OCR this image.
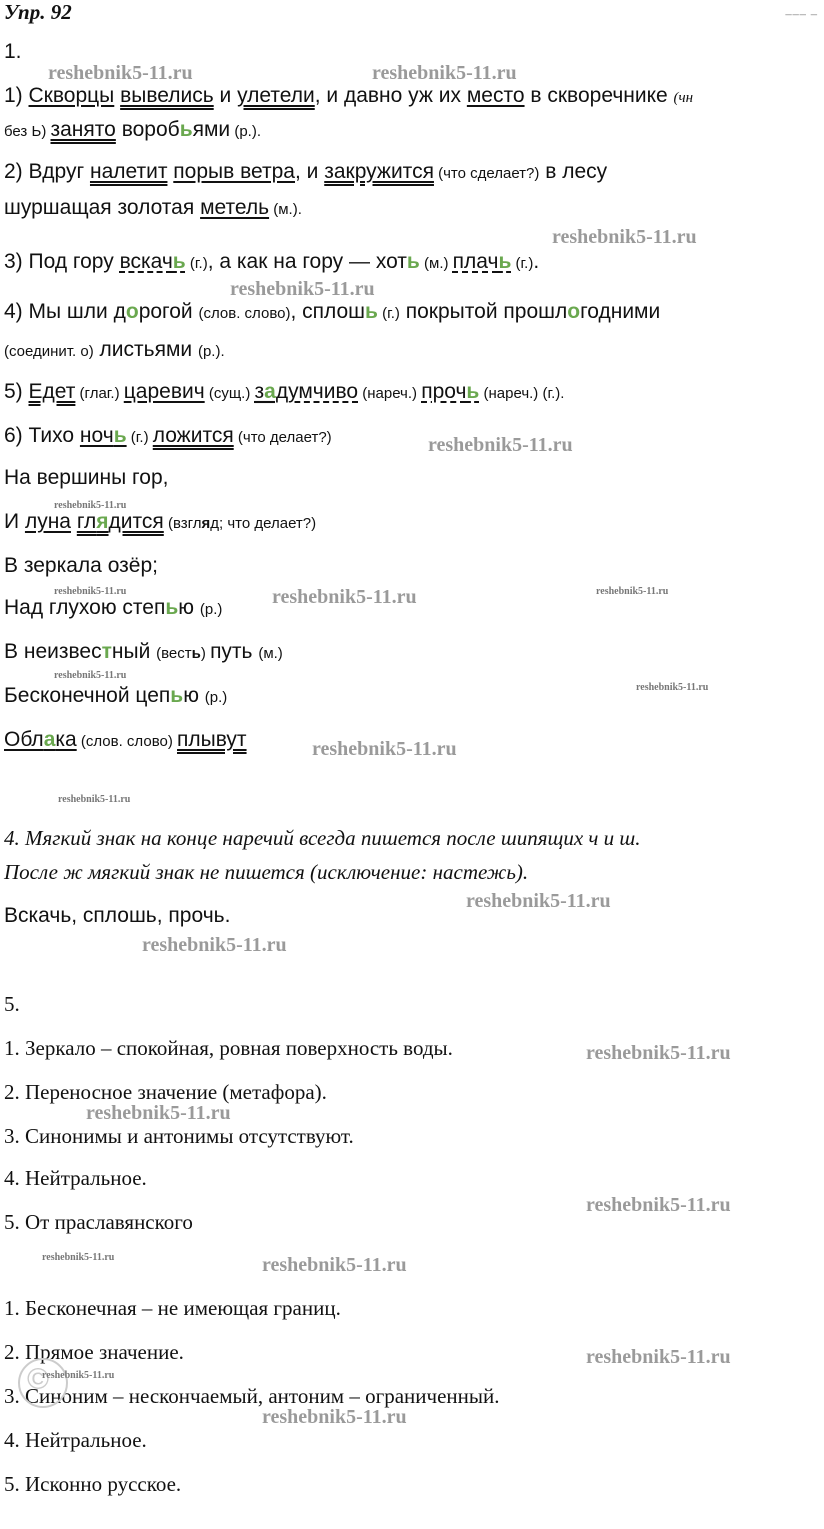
Упр. 92	___ _
1.
1) Скворцы вывелись и улетели, и давно уж их место в скворечнике (чн
без Ь) занято воробьями (р.).
2) Вдруг налетит порыв ветра, и закружится (что сделает?) в лесу
шуршащая золотая метель (м.).
3) Под гору вскачь (г.), а как на гору — хоть (м.) плачь (г.).
4) Мы шли дорогой (слов. слово), сплошь (г.) покрытой прошлогодними
(соединит. о) листьями (р.).
5) Едет (глаг.) царевич (сущ.) задумчиво (нареч.) прочь (нареч.) (г.).
6) Тихо ночь (г.) ложится (что делает?)
На вершины гор,
И луна глядится (взгляд; что делает?)
В зеркала озёр;
Над глухою степью (р.)
В неизвестный (весть) путь (м.)
Бесконечной цепью (р.)
Облака (слов. слово) плывут
4. Мягкий знак на конце наречий всегда пишется после шипящих ч и ш.
После ж мягкий знак не пишется (исключение: настежь).
Вскачь, сплошь, прочь.
5.
1. Зеркало – спокойная, ровная поверхность воды.
2. Переносное значение (метафора).
3. Синонимы и антонимы отсутствуют.
4. Нейтральное.
5. От праславянского
1. Бесконечная – не имеющая границ.
2. Прямое значение.
3. Синоним – нескончаемый, антоним – ограниченный.
4. Нейтральное.
5. Исконно русское.
©
reshebnik5-11.ru	reshebnik5-11.ru
reshebnik5-11.ru
reshebnik5-11.ru
reshebnik5-11.ru
reshebnik5-11.ru
reshebnik5-11.ru	reshebnik5-11.ru	reshebnik5-11.ru
reshebnik5-11.ru
reshebnik5-11.ru
reshebnik5-11.ru
reshebnik5-11.ru
reshebnik5-11.ru
reshebnik5-11.ru
reshebnik5-11.ru
reshebnik5-11.ru
reshebnik5-11.ru
reshebnik5-11.ru	reshebnik5-11.ru
reshebnik5-11.ru
reshebnik5-11.ru
reshebnik5-11.ru
